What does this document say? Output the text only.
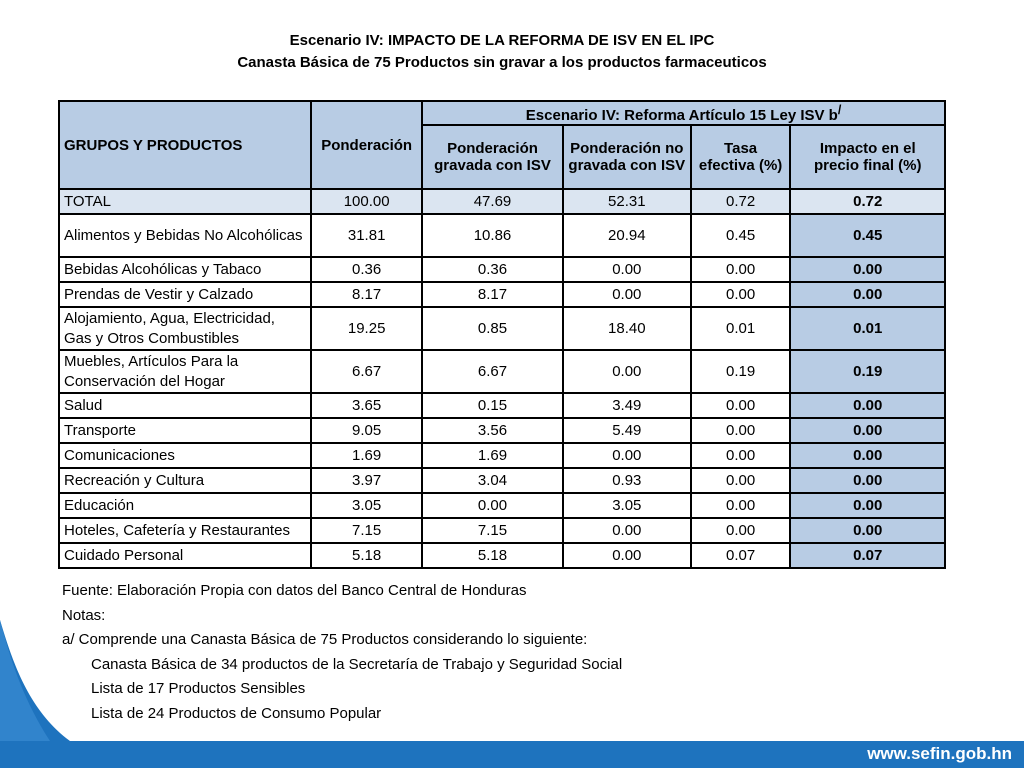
www.sefin.gob.hn
Escenario IV: IMPACTO DE LA REFORMA DE ISV EN EL IPC
Canasta Básica de 75 Productos sin gravar a los productos farmaceuticos
GRUPOS Y PRODUCTOS	Ponderación	Escenario IV: Reforma Artículo 15 Ley ISV b/
		Ponderación gravada con ISV	Ponderación no gravada con ISV	Tasa efectiva (%)	Impacto en el precio final (%)
TOTAL	100.00	47.69	52.31	0.72	0.72
Alimentos y Bebidas No Alcohólicas	31.81	10.86	20.94	0.45	0.45
Bebidas Alcohólicas y Tabaco	0.36	0.36	0.00	0.00	0.00
Prendas de Vestir y Calzado	8.17	8.17	0.00	0.00	0.00
Alojamiento, Agua, Electricidad, Gas y Otros Combustibles	19.25	0.85	18.40	0.01	0.01
Muebles, Artículos Para la Conservación del Hogar	6.67	6.67	0.00	0.19	0.19
Salud	3.65	0.15	3.49	0.00	0.00
Transporte	9.05	3.56	5.49	0.00	0.00
Comunicaciones	1.69	1.69	0.00	0.00	0.00
Recreación y Cultura	3.97	3.04	0.93	0.00	0.00
Educación	3.05	0.00	3.05	0.00	0.00
Hoteles, Cafetería y Restaurantes	7.15	7.15	0.00	0.00	0.00
Cuidado Personal	5.18	5.18	0.00	0.07	0.07
Fuente: Elaboración Propia con datos del Banco Central de Honduras
Notas:
a/ Comprende una Canasta Básica de 75 Productos considerando lo siguiente:
Canasta Básica de 34 productos de la Secretaría de Trabajo y Seguridad Social
Lista de 17 Productos Sensibles
Lista de 24 Productos de Consumo Popular
